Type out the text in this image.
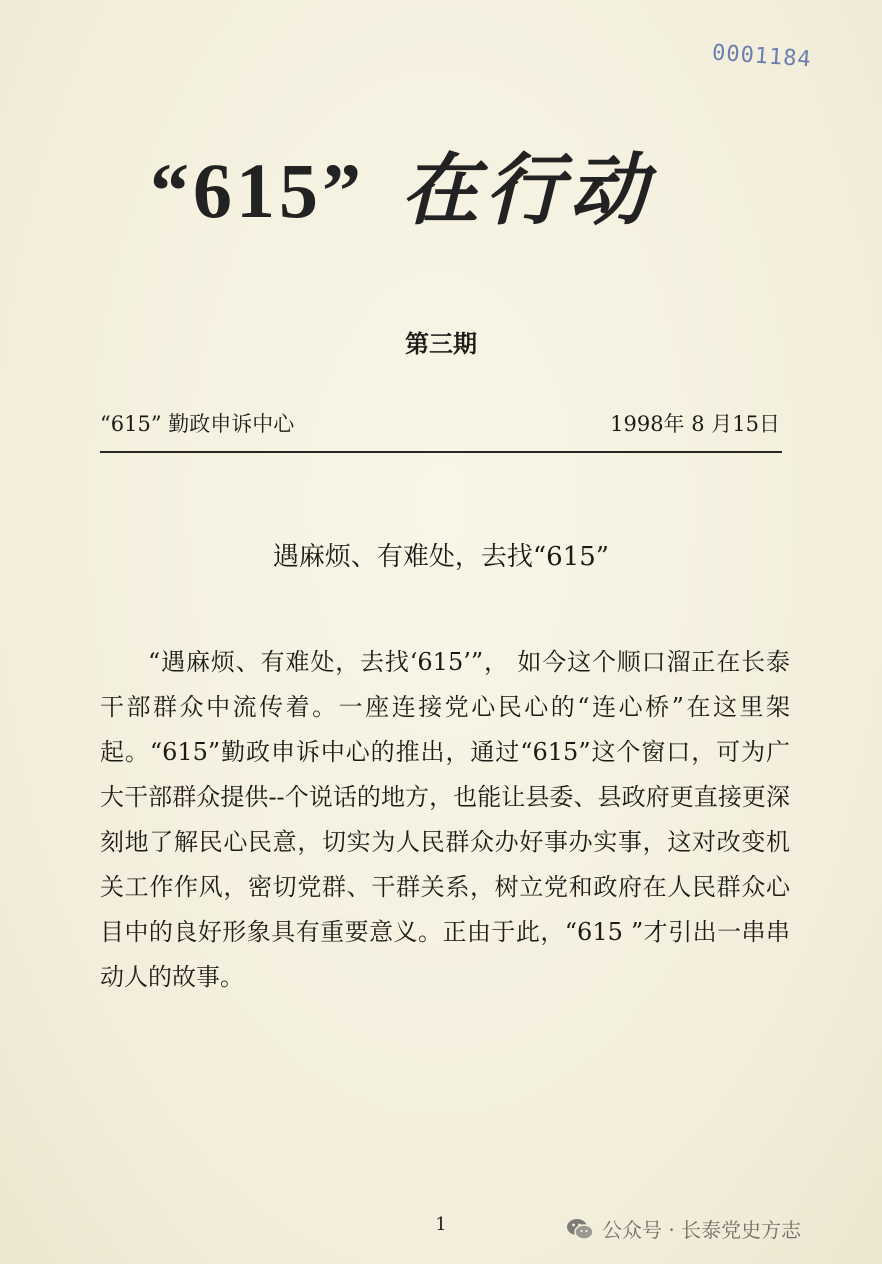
0001184
“615” 在行动
第三期
“615” 勤政申诉中心	1998年 8 月15日
遇麻烦、有难处，去找“615”

“遇麻烦、有难处，去找‘615’”， 如今这个顺口溜正在长泰干部群众中流传着。一座连接党心民心的“连心桥”在这里架起。“615”勤政申诉中心的推出，通过“615”这个窗口，可为广大干部群众提供--个说话的地方，也能让县委、县政府更直接更深刻地了解民心民意，切实为人民群众办好事办实事，这对改变机关工作作风，密切党群、干群关系，树立党和政府在人民群众心目中的良好形象具有重要意义。正由于此，“615 ”才引出一串串动人的故事。

1	公众号 · 长泰党史方志
